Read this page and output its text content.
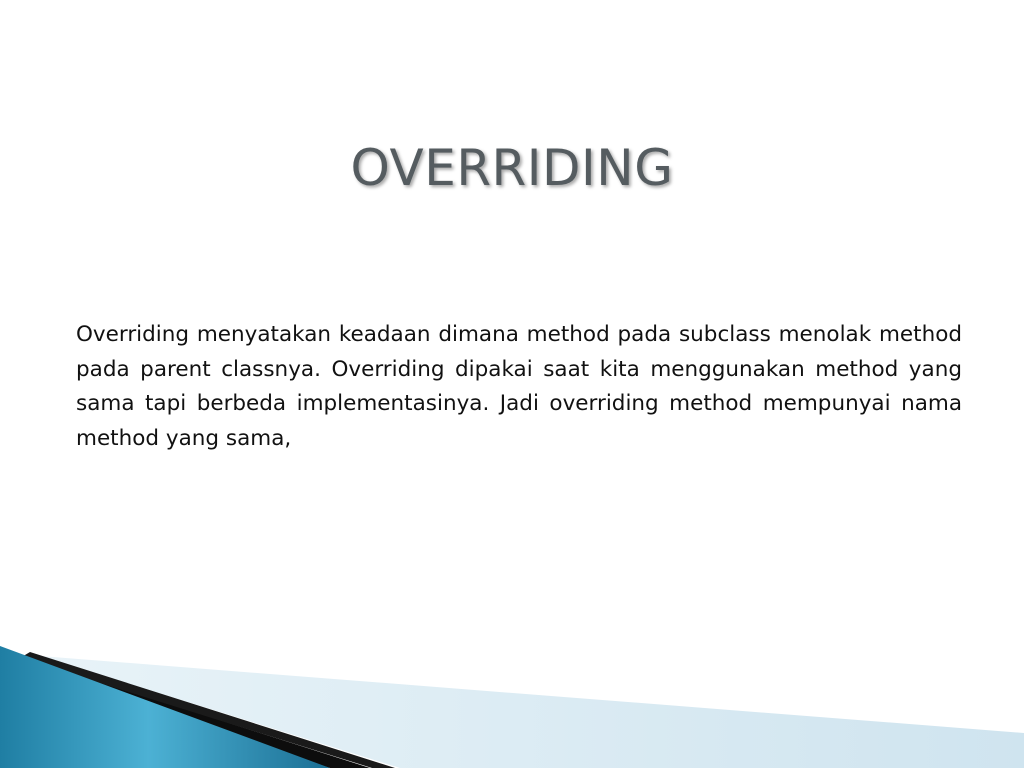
OVERRIDING

Overriding menyatakan keadaan dimana method pada subclass menolak method pada parent classnya. Overriding dipakai saat kita menggunakan method yang sama tapi berbeda implementasinya. Jadi overriding method mempunyai nama method yang sama,
